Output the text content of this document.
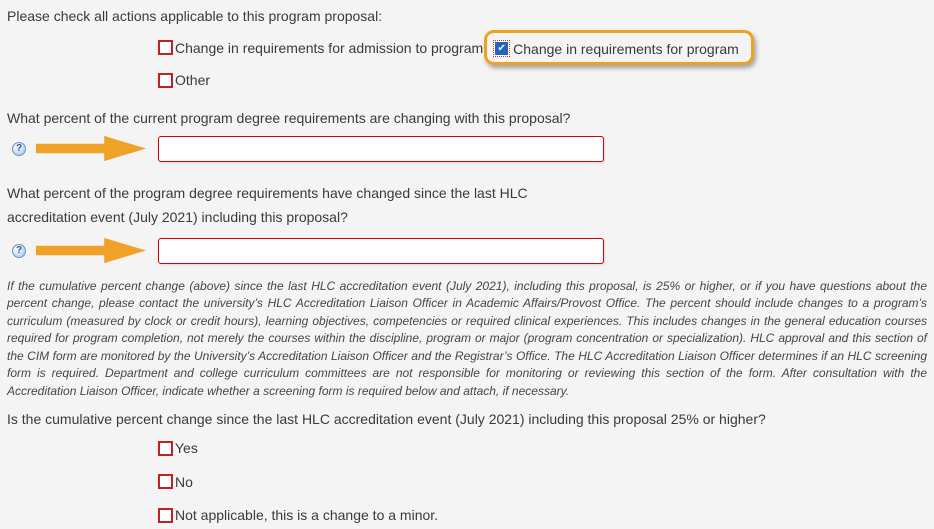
Please check all actions applicable to this program proposal:
Change in requirements for admission to program ✔ Change in requirements for program
Other
What percent of the current program degree requirements are changing with this proposal?
?
What percent of the program degree requirements have changed since the last HLC
accreditation event (July 2021) including this proposal?
?
If the cumulative percent change (above) since the last HLC accreditation event (July 2021), including this proposal, is 25% or higher, or if you have questions about the percent change, please contact the university’s HLC Accreditation Liaison Officer in Academic Affairs/Provost Office. The percent should include changes to a program’s curriculum (measured by clock or credit hours), learning objectives, competencies or required clinical experiences. This includes changes in the general education courses required for program completion, not merely the courses within the discipline, program or major (program concentration or specialization). HLC approval and this section of the CIM form are monitored by the University’s Accreditation Liaison Officer and the Registrar’s Office. The HLC Accreditation Liaison Officer determines if an HLC screening form is required. Department and college curriculum committees are not responsible for monitoring or reviewing this section of the form. After consultation with the Accreditation Liaison Officer, indicate whether a screening form is required below and attach, if necessary.
Is the cumulative percent change since the last HLC accreditation event (July 2021) including this proposal 25% or higher?
Yes
No
Not applicable, this is a change to a minor.
